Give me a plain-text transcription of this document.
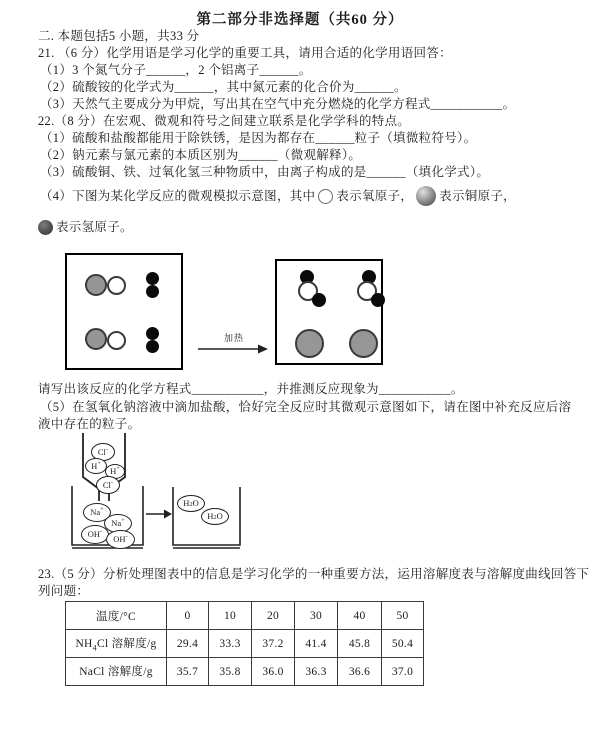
第二部分非选择题（共60 分）
二. 本题包括5 小题，共33 分
21. （6 分）化学用语是学习化学的重要工具，请用合适的化学用语回答：
（1）3 个氮气分子______，2 个铝离子______。
（2）硫酸铵的化学式为______，其中氮元素的化合价为______。
（3）天然气主要成分为甲烷，写出其在空气中充分燃烧的化学方程式___________。
22.（8 分）在宏观、微观和符号之间建立联系是化学学科的特点。
（1）硫酸和盐酸都能用于除铁锈，是因为都存在______粒子（填微粒符号）。
（2）钠元素与氯元素的本质区别为______（微观解释）。
（3）硫酸铜、铁、过氧化氢三种物质中，由离子构成的是______（填化学式）。
（4）下图为某化学反应的微观模拟示意图，其中 表示氧原子， 表示铜原子，
表示氢原子。
加热
请写出该反应的化学方程式___________，并推测反应现象为___________。
（5）在氢氧化钠溶液中滴加盐酸，恰好完全反应时其微观示意图如下，请在图中补充反应后溶
液中存在的粒子。
Cl-
H+
H+
Cl-
Na+
Na+
OH-
OH-
$H_2$ O
$H_2$ O
23.（5 分）分析处理图表中的信息是学习化学的一种重要方法，运用溶解度表与溶解度曲线回答下
列问题：
温度/°C	0	10	20	30	40	50
$NH_4Cl$ 溶解度/g	29.4	33.3	37.2	41.4	45.8	50.4
NaCl 溶解度/g	35.7	35.8	36.0	36.3	36.6	37.0
